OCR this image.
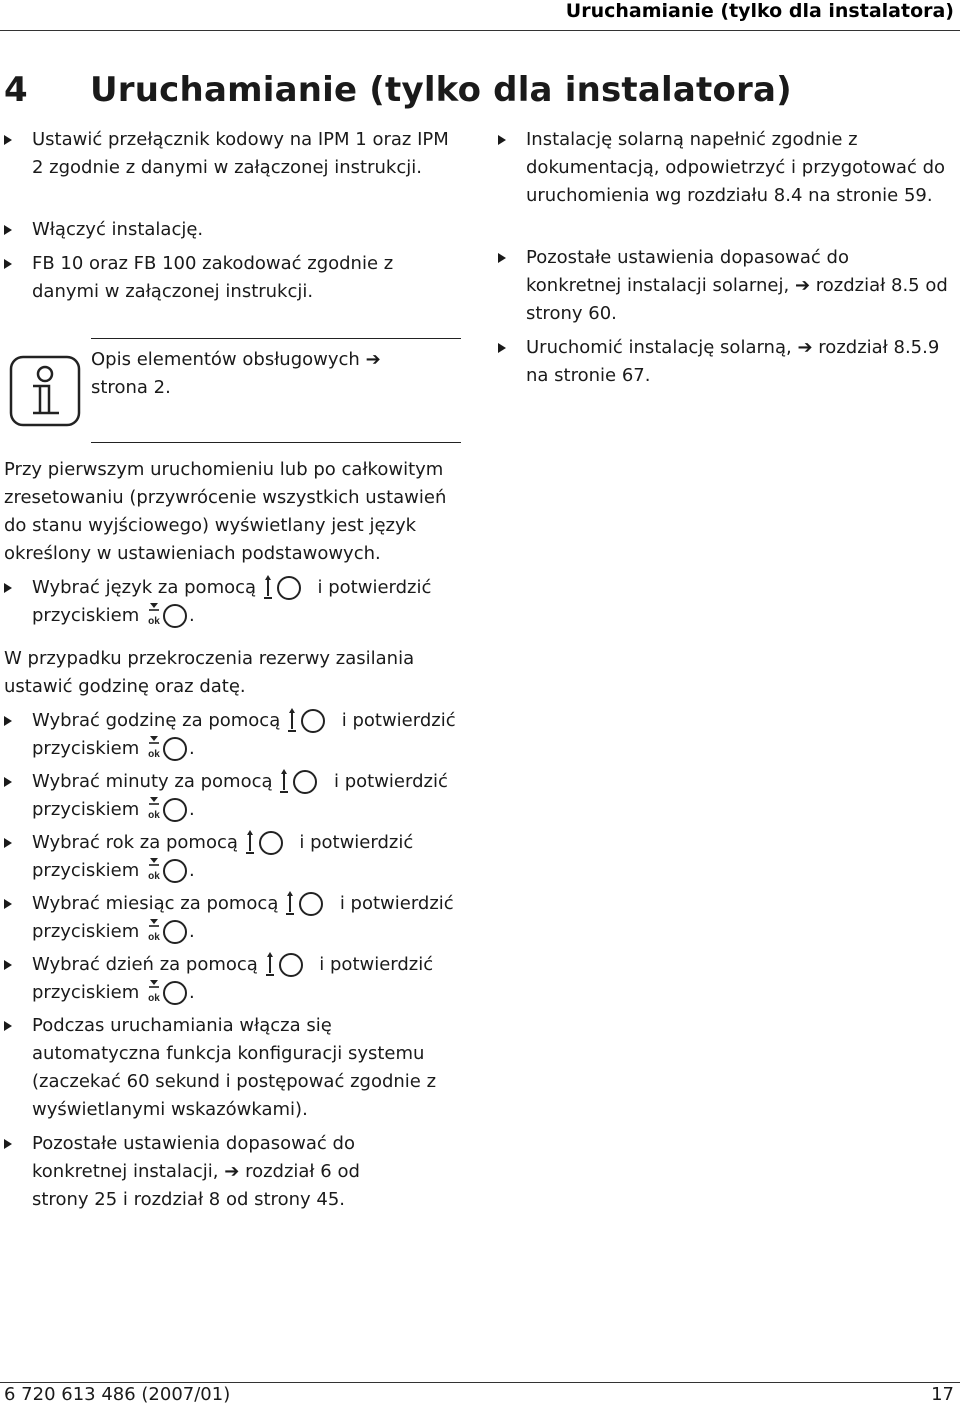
Uruchamianie (tylko dla instalatora)
4 Uruchamianie (tylko dla instalatora)
Ustawić przełącznik kodowy na IPM 1 oraz IPM 2 zgodnie z danymi w załączonej instrukcji.
Włączyć instalację.
FB 10 oraz FB 100 zakodować zgodnie z danymi w załączonej instrukcji.
Opis elementów obsługowych ➔
strona 2.
Przy pierwszym uruchomieniu lub po całkowitym zresetowaniu (przywrócenie wszystkich ustawień do stanu wyjściowego) wyświetlany jest język określony w ustawieniach podstawowych.
Wybrać język za pomocą	i potwierdzić
przyciskiem ok .
W przypadku przekroczenia rezerwy zasilania ustawić godzinę oraz datę.
Wybrać godzinę za pomocą	i potwierdzić
przyciskiem ok .
Wybrać minuty za pomocą	i potwierdzić
przyciskiem ok .
Wybrać rok za pomocą	i potwierdzić
przyciskiem ok .
Wybrać miesiąc za pomocą	i potwierdzić
przyciskiem ok .
Wybrać dzień za pomocą	i potwierdzić
przyciskiem ok .
Podczas uruchamiania włącza się automatyczna funkcja konfiguracji systemu (zaczekać 60 sekund i postępować zgodnie z wyświetlanymi wskazówkami).
Pozostałe ustawienia dopasować do konkretnej instalacji, ➔ rozdział 6 od strony 25 i rozdział 8 od strony 45.
Instalację solarną napełnić zgodnie z dokumentacją, odpowietrzyć i przygotować do uruchomienia wg rozdziału 8.4 na stronie 59.
Pozostałe ustawienia dopasować do konkretnej instalacji solarnej, ➔ rozdział 8.5 od strony 60.
Uruchomić instalację solarną, ➔ rozdział 8.5.9 na stronie 67.
6 720 613 486 (2007/01)	17
